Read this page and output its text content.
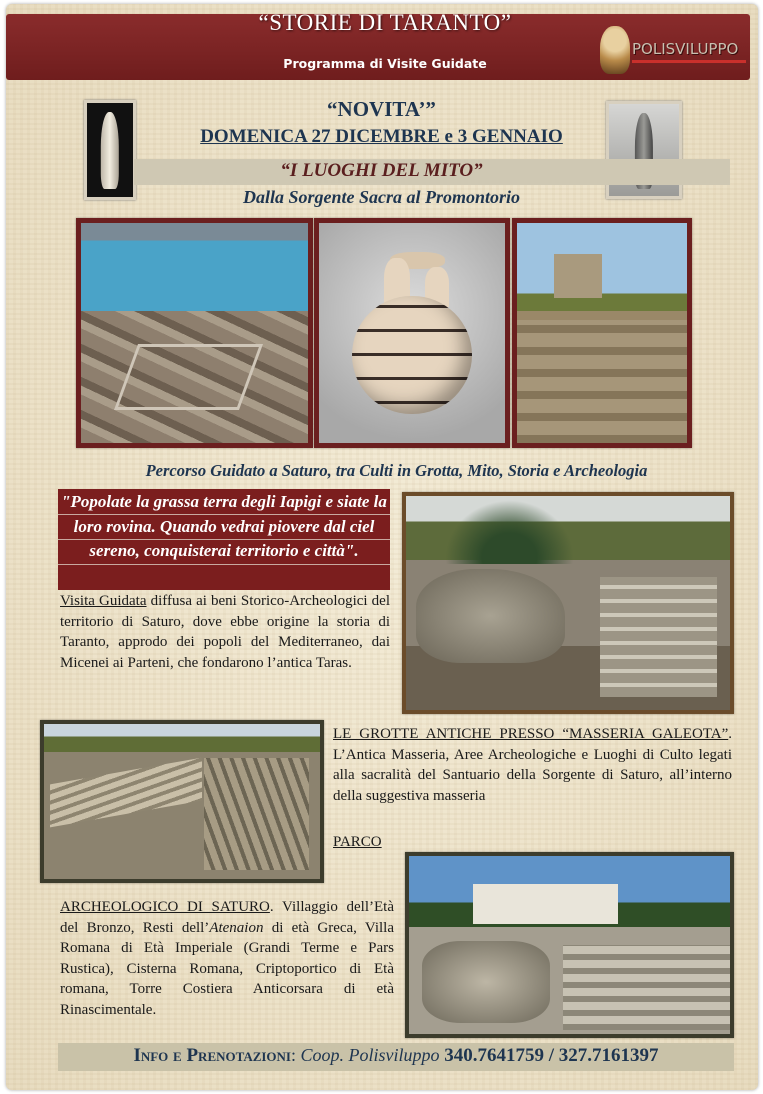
“STORIE DI TARANTO”
Programma di Visite Guidate
POLISVILUPPO
“NOVITA’”
DOMENICA 27 DICEMBRE e 3 GENNAIO
“I LUOGHI DEL MITO”
Dalla Sorgente Sacra al Promontorio
Percorso Guidato a Saturo, tra Culti in Grotta, Mito, Storia e Archeologia
"Popolate la grassa terra degli Iapigi e siate la loro rovina. Quando vedrai piovere dal ciel sereno, conquisterai territorio e città".
Visita Guidata diffusa ai beni Storico-Archeologici del territorio di Saturo, dove ebbe origine la storia di Taranto, approdo dei popoli del Mediterraneo, dai Micenei ai Parteni, che fondarono l’antica Taras.
LE GROTTE ANTICHE PRESSO “MASSERIA GALEOTA”. L’Antica Masseria, Aree Archeologiche e Luoghi di Culto legati alla sacralità del Santuario della Sorgente di Saturo, all’interno della suggestiva masseria
PARCO
ARCHEOLOGICO DI SATURO. Villaggio dell’Età del Bronzo, Resti dell’Atenaion di età Greca, Villa Romana di Età Imperiale (Grandi Terme e Pars Rustica), Cisterna Romana, Criptoportico di Età romana, Torre Costiera Anticorsara di età Rinascimentale.
Info e Prenotazioni: Coop. Polisviluppo 340.7641759 / 327.7161397
